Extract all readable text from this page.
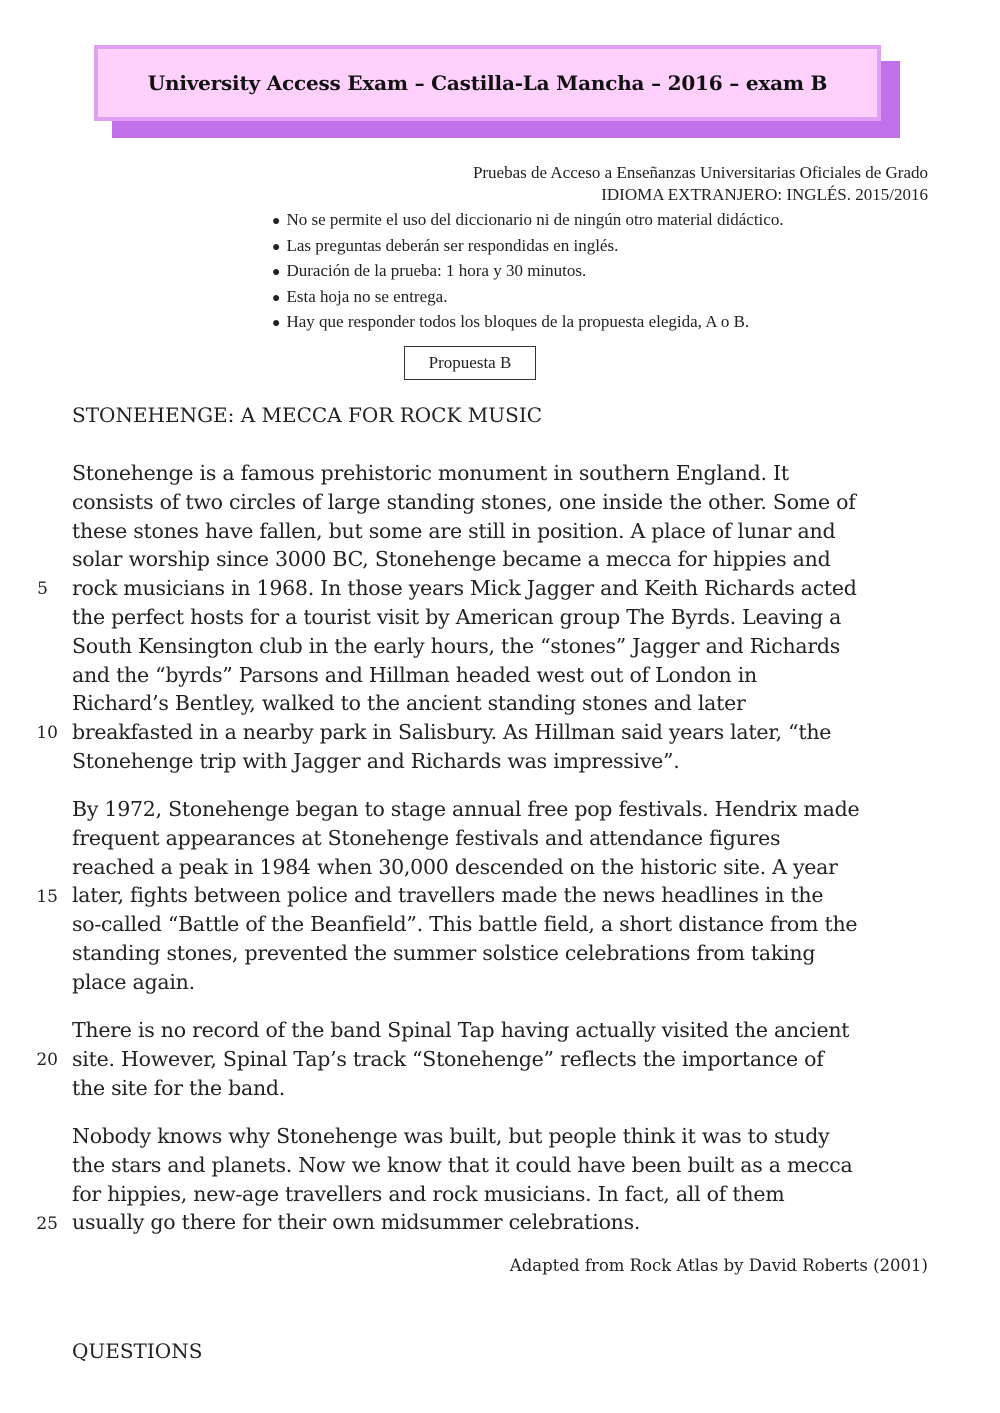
University Access Exam – Castilla-La Mancha – 2016 – exam B
Pruebas de Acceso a Enseñanzas Universitarias Oficiales de Grado
IDIOMA EXTRANJERO: INGLÉS. 2015/2016
● No se permite el uso del diccionario ni de ningún otro material didáctico.
● Las preguntas deberán ser respondidas en inglés.
● Duración de la prueba: 1 hora y 30 minutos.
● Esta hoja no se entrega.
● Hay que responder todos los bloques de la propuesta elegida, A o B.
Propuesta B
STONEHENGE: A MECCA FOR ROCK MUSIC
Stonehenge is a famous prehistoric monument in southern England. It
consists of two circles of large standing stones, one inside the other. Some of
these stones have fallen, but some are still in position. A place of lunar and
solar worship since 3000 BC, Stonehenge became a mecca for hippies and
rock musicians in 1968. In those years Mick Jagger and Keith Richards acted
the perfect hosts for a tourist visit by American group The Byrds. Leaving a
South Kensington club in the early hours, the “stones” Jagger and Richards
and the “byrds” Parsons and Hillman headed west out of London in
Richard’s Bentley, walked to the ancient standing stones and later
breakfasted in a nearby park in Salisbury. As Hillman said years later, “the
Stonehenge trip with Jagger and Richards was impressive”.
By 1972, Stonehenge began to stage annual free pop festivals. Hendrix made
frequent appearances at Stonehenge festivals and attendance figures
reached a peak in 1984 when 30,000 descended on the historic site. A year
later, fights between police and travellers made the news headlines in the
so-called “Battle of the Beanfield”. This battle field, a short distance from the
standing stones, prevented the summer solstice celebrations from taking
place again.
There is no record of the band Spinal Tap having actually visited the ancient
site. However, Spinal Tap’s track “Stonehenge” reflects the importance of
the site for the band.
Nobody knows why Stonehenge was built, but people think it was to study
the stars and planets. Now we know that it could have been built as a mecca
for hippies, new-age travellers and rock musicians. In fact, all of them
usually go there for their own midsummer celebrations.
5
10
15
20
25
Adapted from Rock Atlas by David Roberts (2001)
QUESTIONS
